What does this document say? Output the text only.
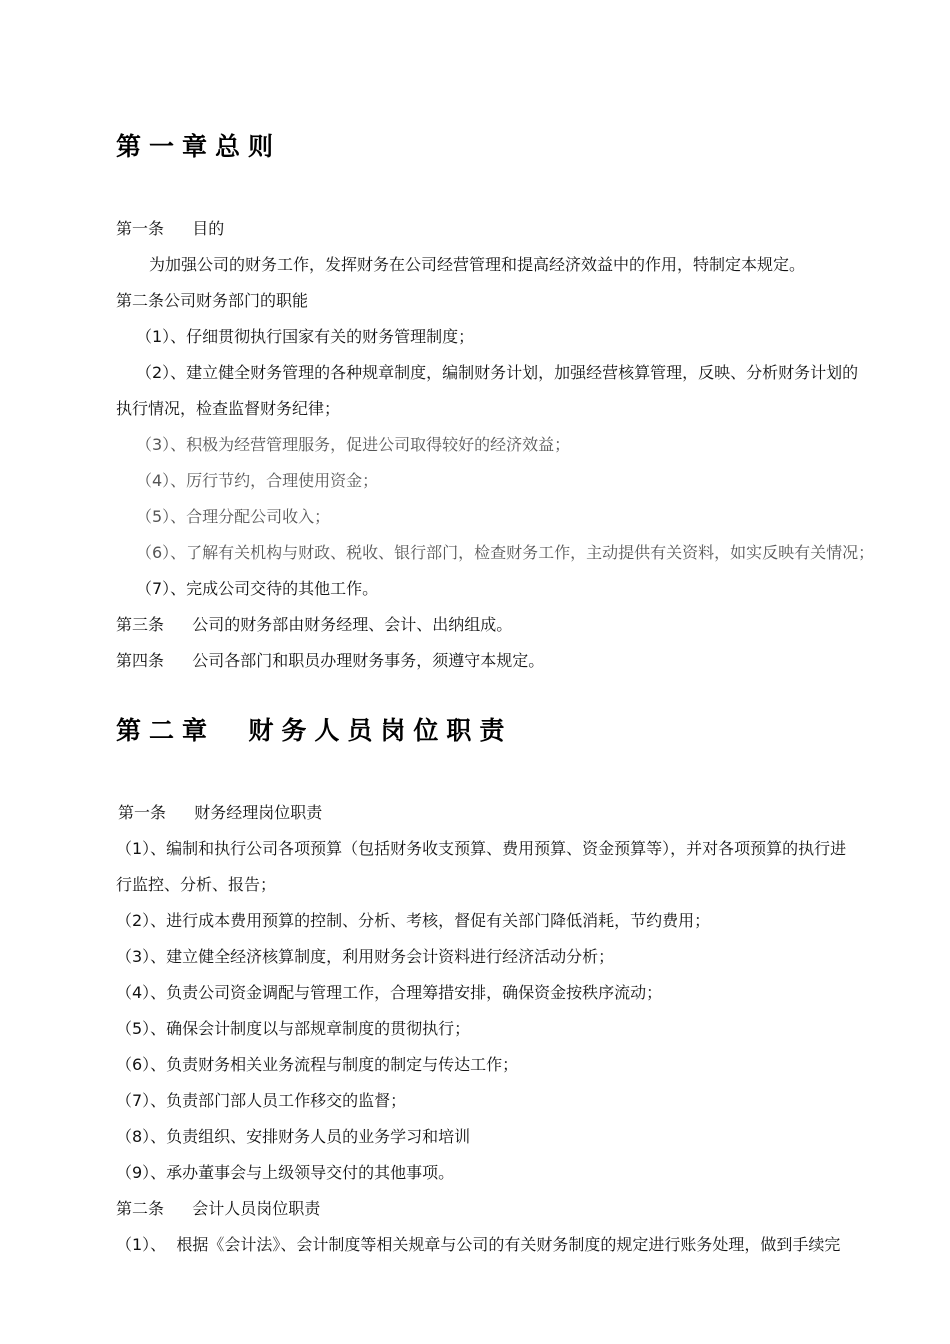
第一章总则
第一条 目的
为加强公司的财务工作，发挥财务在公司经营管理和提高经济效益中的作用，特制定本规定。
第二条公司财务部门的职能
（1）、仔细贯彻执行国家有关的财务管理制度；
（2）、建立健全财务管理的各种规章制度，编制财务计划，加强经营核算管理，反映、分析财务计划的
执行情况，检查监督财务纪律；
（3）、积极为经营管理服务，促进公司取得较好的经济效益；
（4）、厉行节约，合理使用资金；
（5）、合理分配公司收入；
（6）、了解有关机构与财政、税收、银行部门，检查财务工作，主动提供有关资料，如实反映有关情况；
（7）、完成公司交待的其他工作。
第三条 公司的财务部由财务经理、会计、出纳组成。
第四条 公司各部门和职员办理财务事务，须遵守本规定。
第二章  财务人员岗位职责
第一条 财务经理岗位职责
（1）、编制和执行公司各项预算（包括财务收支预算、费用预算、资金预算等），并对各项预算的执行进
行监控、分析、报告；
（2）、进行成本费用预算的控制、分析、考核，督促有关部门降低消耗，节约费用；
（3）、建立健全经济核算制度，利用财务会计资料进行经济活动分析；
（4）、负责公司资金调配与管理工作，合理筹措安排，确保资金按秩序流动；
（5）、确保会计制度以与部规章制度的贯彻执行；
（6）、负责财务相关业务流程与制度的制定与传达工作；
（7）、负责部门部人员工作移交的监督；
（8）、负责组织、安排财务人员的业务学习和培训
（9）、承办董事会与上级领导交付的其他事项。
第二条 会计人员岗位职责
（1）、  根据《会计法》、会计制度等相关规章与公司的有关财务制度的规定进行账务处理，做到手续完
